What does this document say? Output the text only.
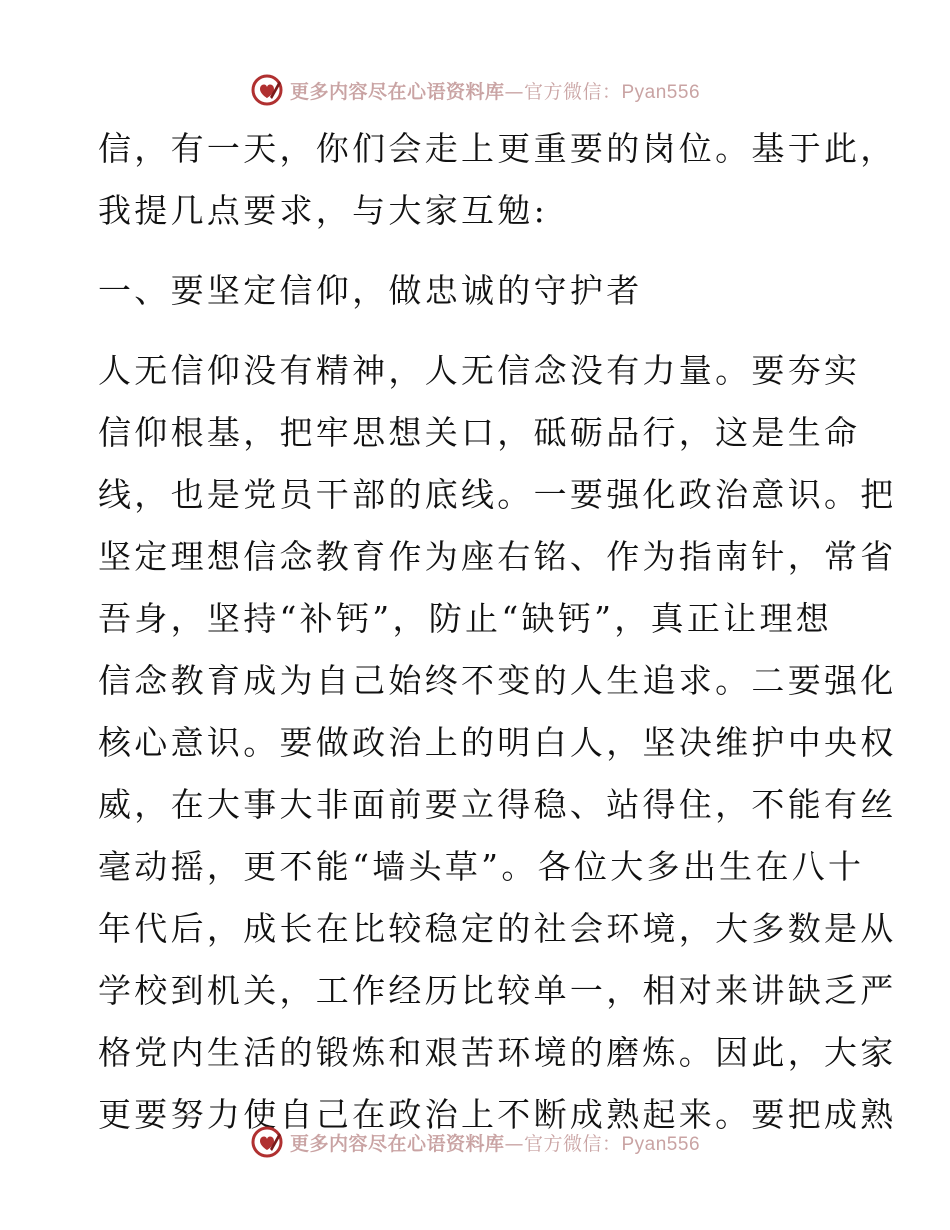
更多内容尽在心语资料库—官方微信：Pyan556
信，有一天，你们会走上更重要的岗位。基于此，
我提几点要求，与大家互勉:
一、要坚定信仰，做忠诚的守护者
人无信仰没有精神，人无信念没有力量。要夯实
信仰根基，把牢思想关口，砥砺品行，这是生命
线，也是党员干部的底线。一要强化政治意识。把
坚定理想信念教育作为座右铭、作为指南针，常省
吾身，坚持“补钙”，防止“缺钙”，真正让理想
信念教育成为自己始终不变的人生追求。二要强化
核心意识。要做政治上的明白人，坚决维护中央权
威，在大事大非面前要立得稳、站得住，不能有丝
毫动摇，更不能“墙头草”。各位大多出生在八十
年代后，成长在比较稳定的社会环境，大多数是从
学校到机关，工作经历比较单一，相对来讲缺乏严
格党内生活的锻炼和艰苦环境的磨炼。因此，大家
更要努力使自己在政治上不断成熟起来。要把成熟
更多内容尽在心语资料库—官方微信：Pyan556
